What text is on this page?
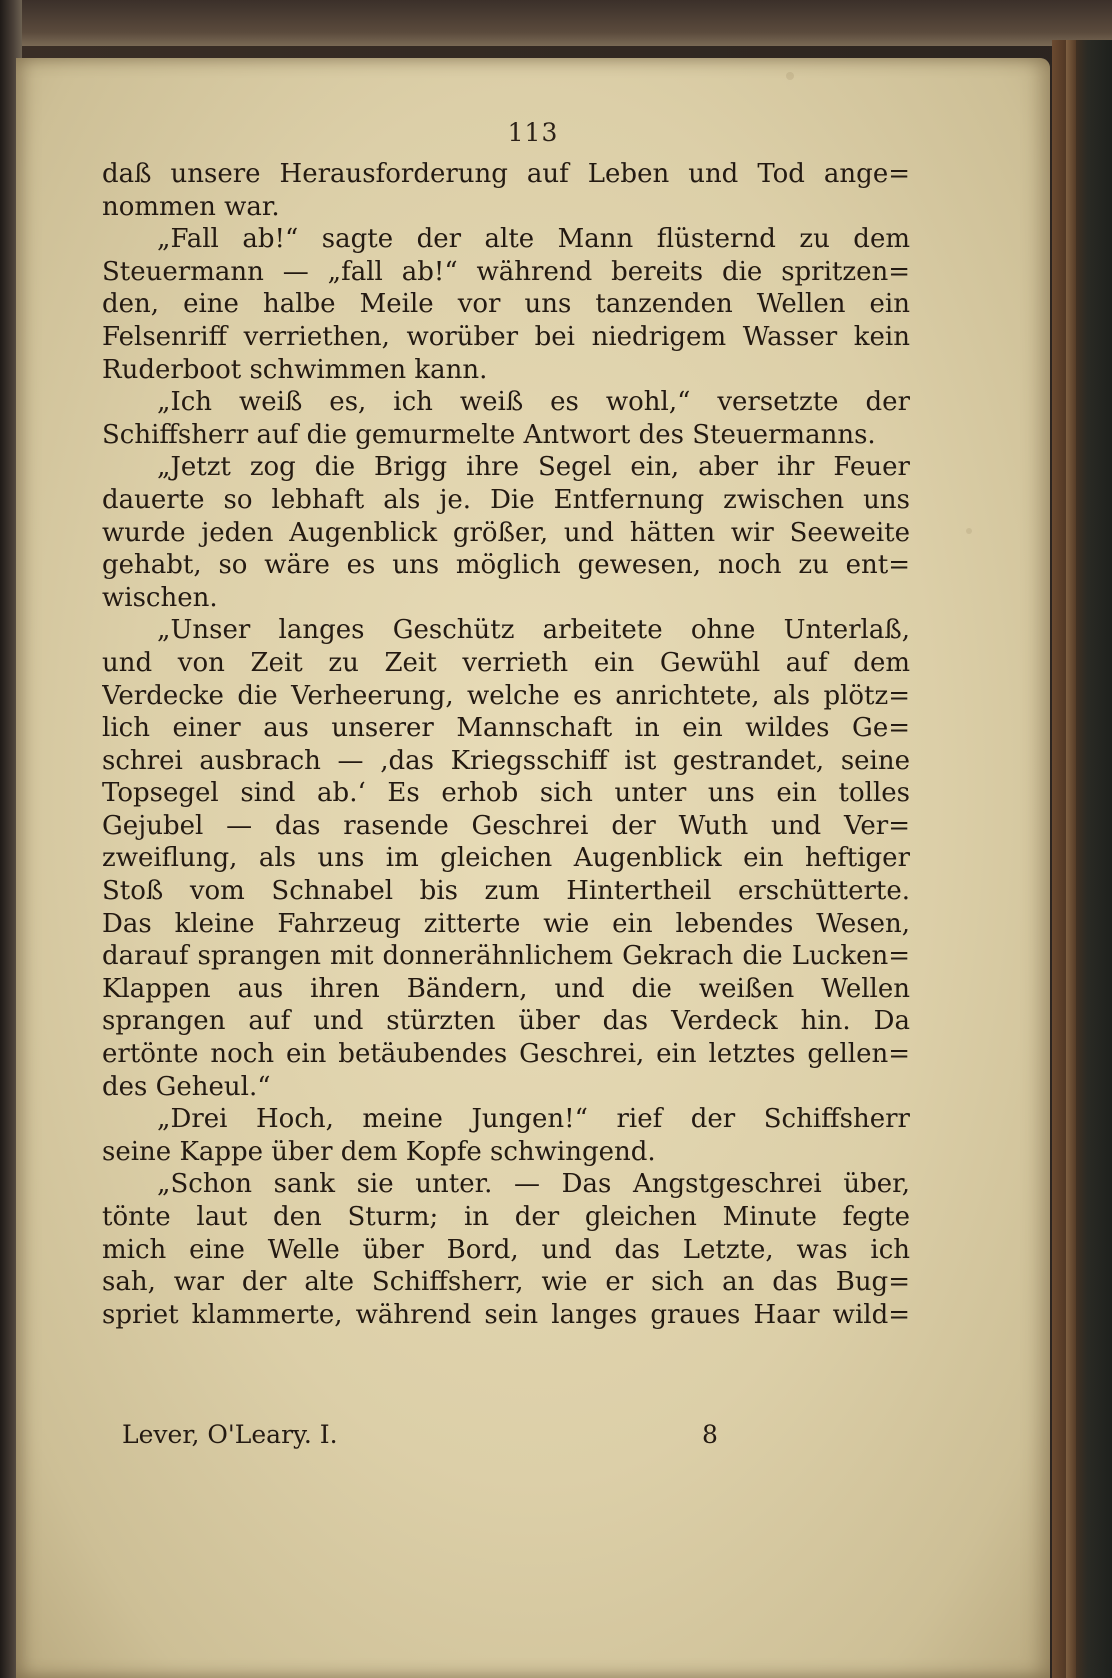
113
daß unsere Herausforderung auf Leben und Tod ange=
nommen war.
„Fall ab!“ sagte der alte Mann flüsternd zu dem
Steuermann — „fall ab!“ während bereits die spritzen=
den, eine halbe Meile vor uns tanzenden Wellen ein
Felsenriff verriethen, worüber bei niedrigem Wasser kein
Ruderboot schwimmen kann.
„Ich weiß es, ich weiß es wohl,“ versetzte der
Schiffsherr auf die gemurmelte Antwort des Steuermanns.
„Jetzt zog die Brigg ihre Segel ein, aber ihr Feuer
dauerte so lebhaft als je. Die Entfernung zwischen uns
wurde jeden Augenblick größer, und hätten wir Seeweite
gehabt, so wäre es uns möglich gewesen, noch zu ent=
wischen.
„Unser langes Geschütz arbeitete ohne Unterlaß,
und von Zeit zu Zeit verrieth ein Gewühl auf dem
Verdecke die Verheerung, welche es anrichtete, als plötz=
lich einer aus unserer Mannschaft in ein wildes Ge=
schrei ausbrach — ‚das Kriegsschiff ist gestrandet, seine
Topsegel sind ab.‘ Es erhob sich unter uns ein tolles
Gejubel — das rasende Geschrei der Wuth und Ver=
zweiflung, als uns im gleichen Augenblick ein heftiger
Stoß vom Schnabel bis zum Hintertheil erschütterte.
Das kleine Fahrzeug zitterte wie ein lebendes Wesen,
darauf sprangen mit donnerähnlichem Gekrach die Lucken=
Klappen aus ihren Bändern, und die weißen Wellen
sprangen auf und stürzten über das Verdeck hin. Da
ertönte noch ein betäubendes Geschrei, ein letztes gellen=
des Geheul.“
„Drei Hoch, meine Jungen!“ rief der Schiffsherr
seine Kappe über dem Kopfe schwingend.
„Schon sank sie unter. — Das Angstgeschrei über,
tönte laut den Sturm; in der gleichen Minute fegte
mich eine Welle über Bord, und das Letzte, was ich
sah, war der alte Schiffsherr, wie er sich an das Bug=
spriet klammerte, während sein langes graues Haar wild=
Lever, O'Leary. I.	8
